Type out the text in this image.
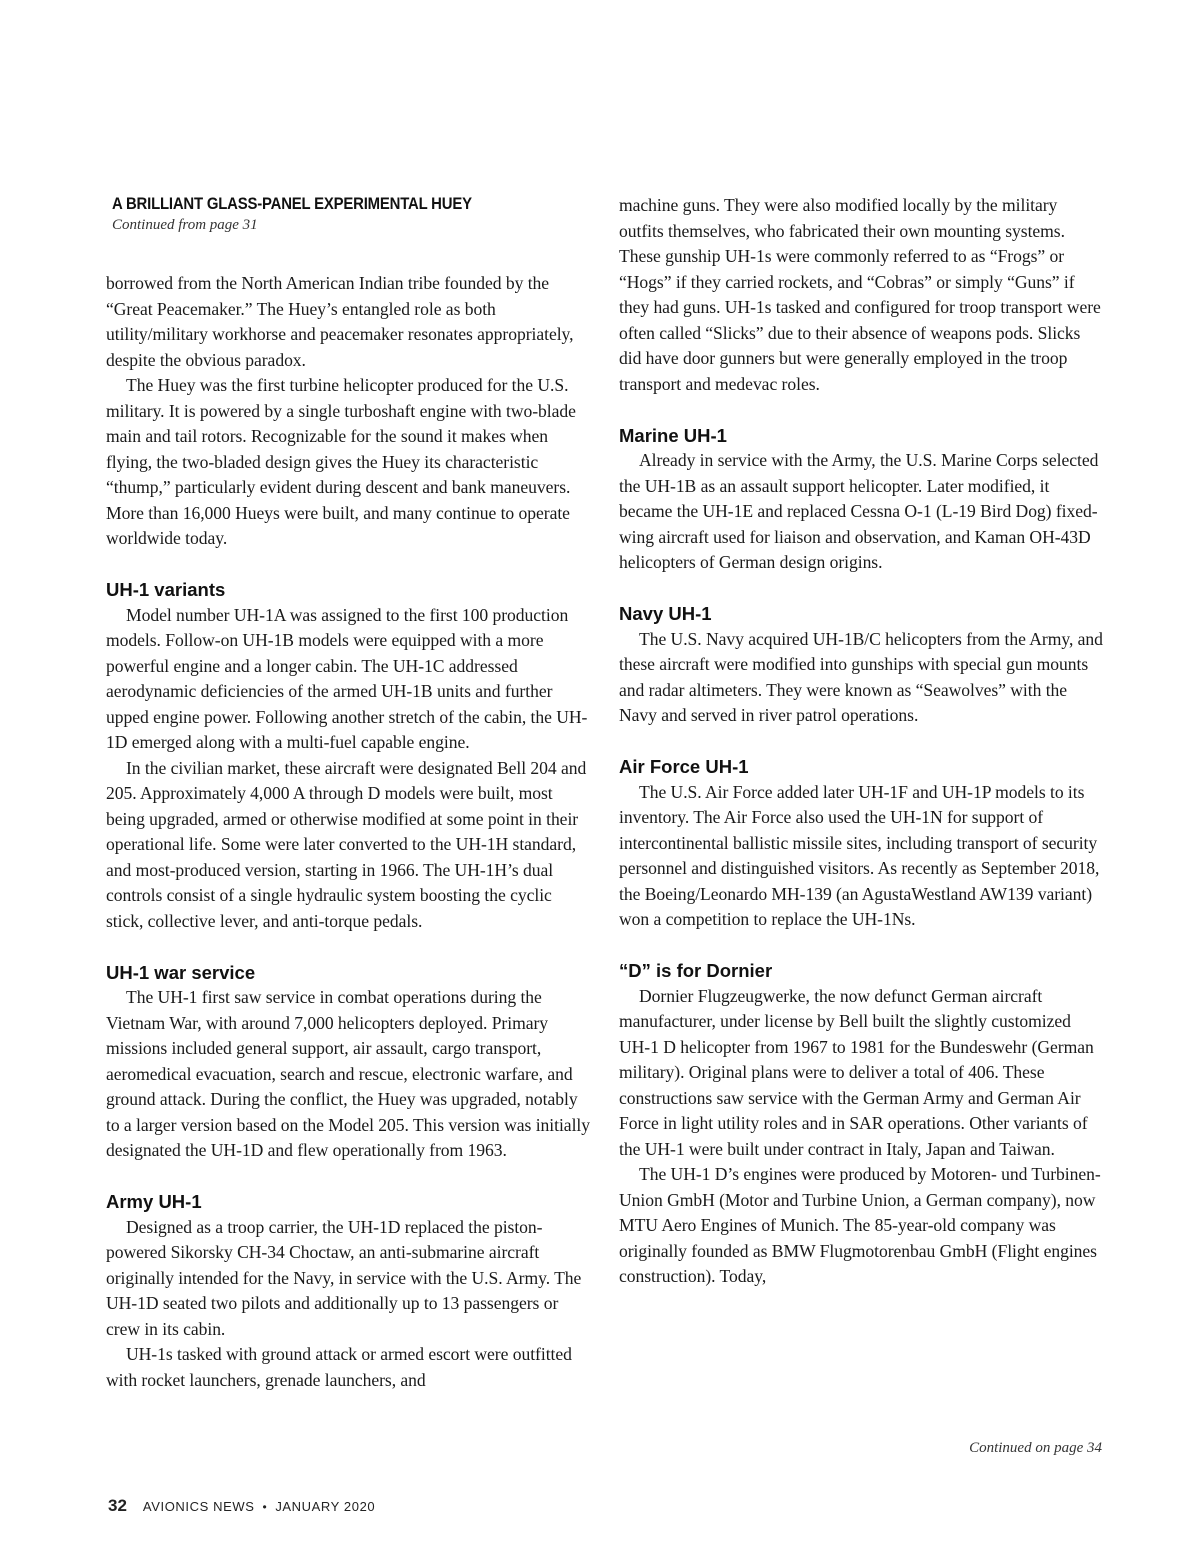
A BRILLIANT GLASS-PANEL EXPERIMENTAL HUEY
Continued from page 31

borrowed from the North American Indian tribe founded by the “Great Peacemaker.” The Huey’s entangled role as both utility/military workhorse and peacemaker resonates appropriately, despite the obvious paradox.

The Huey was the first turbine helicopter produced for the U.S. military. It is powered by a single turboshaft engine with two-blade main and tail rotors. Recognizable for the sound it makes when flying, the two-bladed design gives the Huey its characteristic “thump,” particularly evident during descent and bank maneuvers. More than 16,000 Hueys were built, and many continue to operate worldwide today.

UH-1 variants

Model number UH-1A was assigned to the first 100 production models. Follow-on UH-1B models were equipped with a more powerful engine and a longer cabin. The UH-1C addressed aerodynamic deficiencies of the armed UH-1B units and further upped engine power. Following another stretch of the cabin, the UH-1D emerged along with a multi-fuel capable engine.

In the civilian market, these aircraft were designated Bell 204 and 205. Approximately 4,000 A through D models were built, most being upgraded, armed or otherwise modified at some point in their operational life. Some were later converted to the UH-1H standard, and most-produced version, starting in 1966. The UH-1H’s dual controls consist of a single hydraulic system boosting the cyclic stick, collective lever, and anti-torque pedals.

UH-1 war service

The UH-1 first saw service in combat operations during the Vietnam War, with around 7,000 helicopters deployed. Primary missions included general support, air assault, cargo transport, aeromedical evacuation, search and rescue, electronic warfare, and ground attack. During the conflict, the Huey was upgraded, notably to a larger version based on the Model 205. This version was initially designated the UH-1D and flew operationally from 1963.

Army UH-1

Designed as a troop carrier, the UH-1D replaced the piston-powered Sikorsky CH-34 Choctaw, an anti-submarine aircraft originally intended for the Navy, in service with the U.S. Army. The UH-1D seated two pilots and additionally up to 13 passengers or crew in its cabin.

UH-1s tasked with ground attack or armed escort were outfitted with rocket launchers, grenade launchers, and

machine guns. They were also modified locally by the military outfits themselves, who fabricated their own mounting systems. These gunship UH-1s were commonly referred to as “Frogs” or “Hogs” if they carried rockets, and “Cobras” or simply “Guns” if they had guns. UH-1s tasked and configured for troop transport were often called “Slicks” due to their absence of weapons pods. Slicks did have door gunners but were generally employed in the troop transport and medevac roles.

Marine UH-1

Already in service with the Army, the U.S. Marine Corps selected the UH-1B as an assault support helicopter. Later modified, it became the UH-1E and replaced Cessna O-1 (L-19 Bird Dog) fixed-wing aircraft used for liaison and observation, and Kaman OH-43D helicopters of German design origins.

Navy UH-1

The U.S. Navy acquired UH-1B/C helicopters from the Army, and these aircraft were modified into gunships with special gun mounts and radar altimeters. They were known as “Seawolves” with the Navy and served in river patrol operations.

Air Force UH-1

The U.S. Air Force added later UH-1F and UH-1P models to its inventory. The Air Force also used the UH-1N for support of intercontinental ballistic missile sites, including transport of security personnel and distinguished visitors. As recently as September 2018, the Boeing/Leonardo MH-139 (an AgustaWestland AW139 variant) won a competition to replace the UH-1Ns.

“D” is for Dornier

Dornier Flugzeugwerke, the now defunct German aircraft manufacturer, under license by Bell built the slightly customized UH-1 D helicopter from 1967 to 1981 for the Bundeswehr (German military). Original plans were to deliver a total of 406. These constructions saw service with the German Army and German Air Force in light utility roles and in SAR operations. Other variants of the UH-1 were built under contract in Italy, Japan and Taiwan.

The UH-1 D’s engines were produced by Motoren- und Turbinen-Union GmbH (Motor and Turbine Union, a German company), now MTU Aero Engines of Munich. The 85-year-old company was originally founded as BMW Flugmotorenbau GmbH (Flight engines construction). Today,

Continued on page 34
32 AVIONICS NEWS • JANUARY 2020
